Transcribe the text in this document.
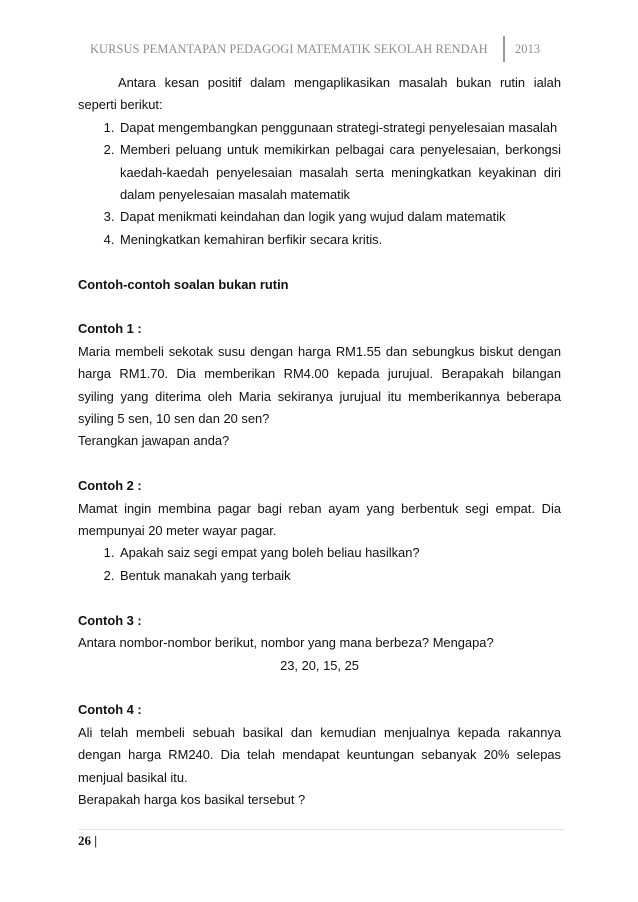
KURSUS PEMANTAPAN PEDAGOGI MATEMATIK SEKOLAH RENDAH 2013

Antara kesan positif dalam mengaplikasikan masalah bukan rutin ialah seperti berikut:

1. Dapat mengembangkan penggunaan strategi-strategi penyelesaian masalah
2. Memberi peluang untuk memikirkan pelbagai cara penyelesaian, berkongsi kaedah-kaedah penyelesaian masalah serta meningkatkan keyakinan diri dalam penyelesaian masalah matematik
3. Dapat menikmati keindahan dan logik yang wujud dalam matematik
4. Meningkatkan kemahiran berfikir secara kritis.

Contoh-contoh soalan bukan rutin

Contoh 1 :

Maria membeli sekotak susu dengan harga RM1.55 dan sebungkus biskut dengan harga RM1.70. Dia memberikan RM4.00 kepada jurujual. Berapakah bilangan syiling yang diterima oleh Maria sekiranya jurujual itu memberikannya beberapa syiling 5 sen, 10 sen dan 20 sen?

Terangkan jawapan anda?

Contoh 2 :

Mamat ingin membina pagar bagi reban ayam yang berbentuk segi empat. Dia mempunyai 20 meter wayar pagar.

1. Apakah saiz segi empat yang boleh beliau hasilkan?
2. Bentuk manakah yang terbaik

Contoh 3 :

Antara nombor-nombor berikut, nombor yang mana berbeza? Mengapa?

23, 20, 15, 25

Contoh 4 :

Ali telah membeli sebuah basikal dan kemudian menjualnya kepada rakannya dengan harga RM240. Dia telah mendapat keuntungan sebanyak 20% selepas menjual basikal itu.

Berapakah harga kos basikal tersebut ?

26 |
